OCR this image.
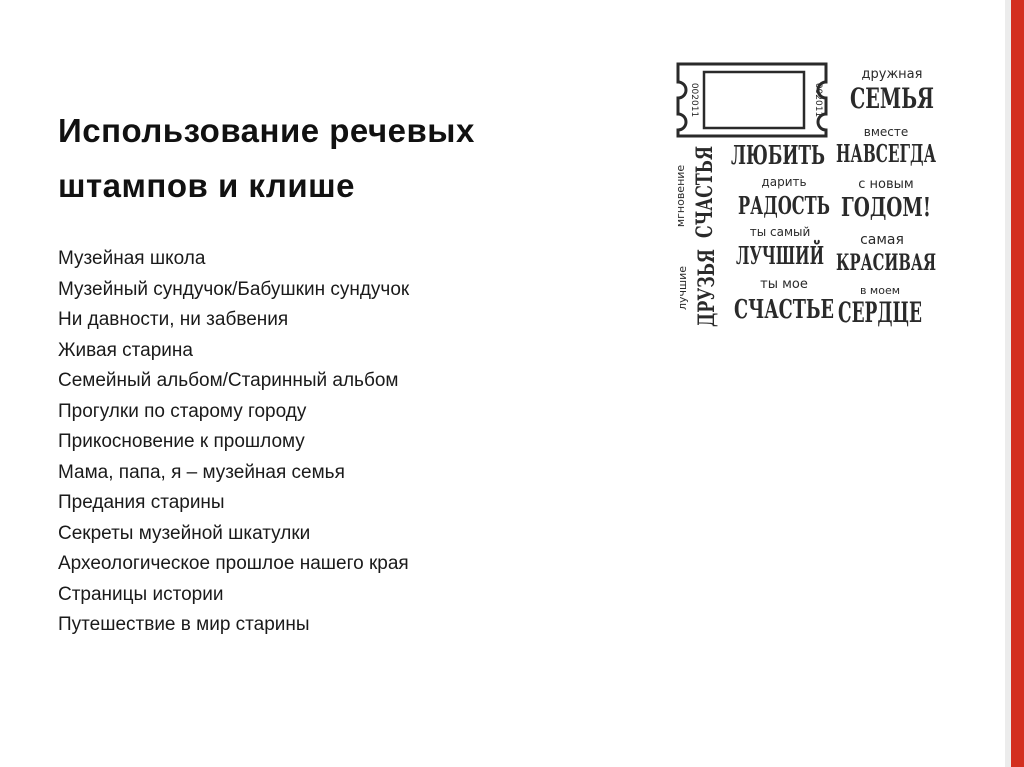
Использование речевых
штампов и клише
Музейная школа
Музейный сундучок/Бабушкин сундучок
Ни давности, ни забвения
Живая старина
Семейный альбом/Старинный альбом
Прогулки по старому городу
Прикосновение к прошлому
Мама, папа, я – музейная семья
Предания старины
Секреты музейной шкатулки
Археологическое прошлое нашего края
Страницы истории
Путешествие в мир старины
002011	002011
дружная
СЕМЬЯ
вместе
ЛЮБИТЬ НАВСЕГДА
дарить
РАДОСТЬ
с новым
ГОДОМ!
ты самый
ЛУЧШИЙ
самая
КРАСИВАЯ
ты мое
СЧАСТЬЕ
в моем
СЕРДЦЕ
мгновение СЧАСТЬЯ
лучшие ДРУЗЬЯ
